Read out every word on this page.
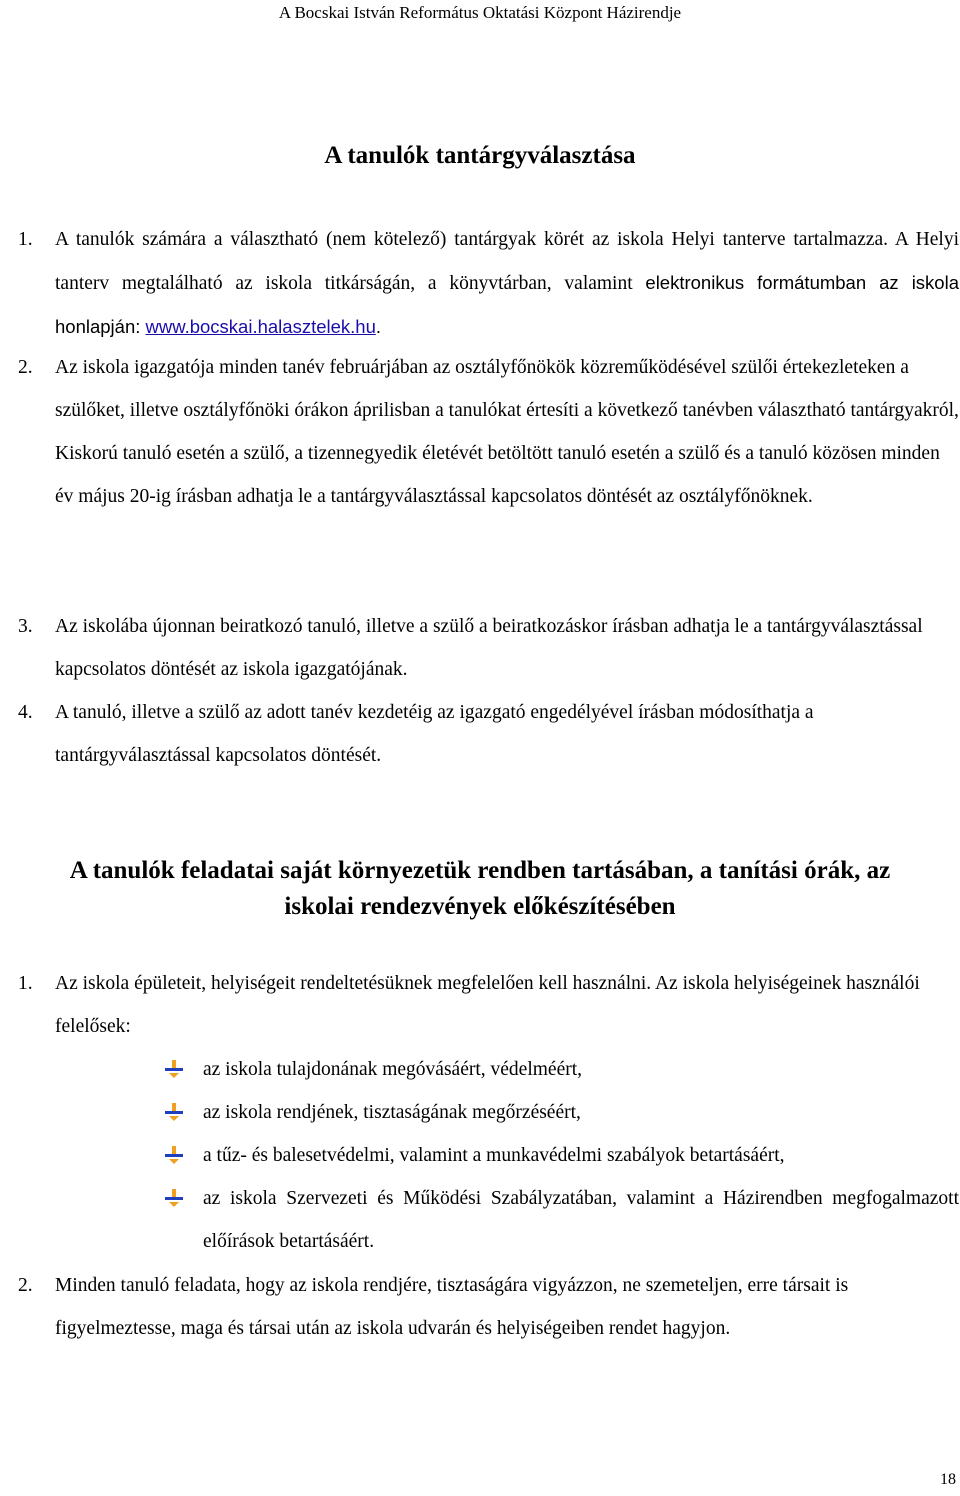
A Bocskai István Református Oktatási Központ Házirendje
A tanulók tantárgyválasztása

1. A tanulók számára a választható (nem kötelező) tantárgyak körét az iskola Helyi tanterve tartalmazza. A Helyi tanterv megtalálható az iskola titkárságán, a könyvtárban, valamint elektronikus formátumban az iskola honlapján: www.bocskai.halasztelek.hu.

2. Az iskola igazgatója minden tanév februárjában az osztályfőnökök közreműködésével szülői értekezleteken a szülőket, illetve osztályfőnöki órákon áprilisban a tanulókat értesíti a következő tanévben választható tantárgyakról, Kiskorú tanuló esetén a szülő, a tizennegyedik életévét betöltött tanuló esetén a szülő és a tanuló közösen minden év május 20-ig írásban adhatja le a tantárgyválasztással kapcsolatos döntését az osztályfőnöknek.

3. Az iskolába újonnan beiratkozó tanuló, illetve a szülő a beiratkozáskor írásban adhatja le a tantárgyválasztással kapcsolatos döntését az iskola igazgatójának.

4. A tanuló, illetve a szülő az adott tanév kezdetéig az igazgató engedélyével írásban módosíthatja a tantárgyválasztással kapcsolatos döntését.

A tanulók feladatai saját környezetük rendben tartásában, a tanítási órák, az
iskolai rendezvények előkészítésében

1. Az iskola épületeit, helyiségeit rendeltetésüknek megfelelően kell használni. Az iskola helyiségeinek használói felelősek:

az iskola tulajdonának megóvásáért, védelméért,
az iskola rendjének, tisztaságának megőrzéséért,
a tűz- és balesetvédelmi, valamint a munkavédelmi szabályok betartásáért,
az iskola Szervezeti és Működési Szabályzatában, valamint a Házirendben megfogalmazott előírások betartásáért.

2. Minden tanuló feladata, hogy az iskola rendjére, tisztaságára vigyázzon, ne szemeteljen, erre társait is figyelmeztesse, maga és társai után az iskola udvarán és helyiségeiben rendet hagyjon.

18
